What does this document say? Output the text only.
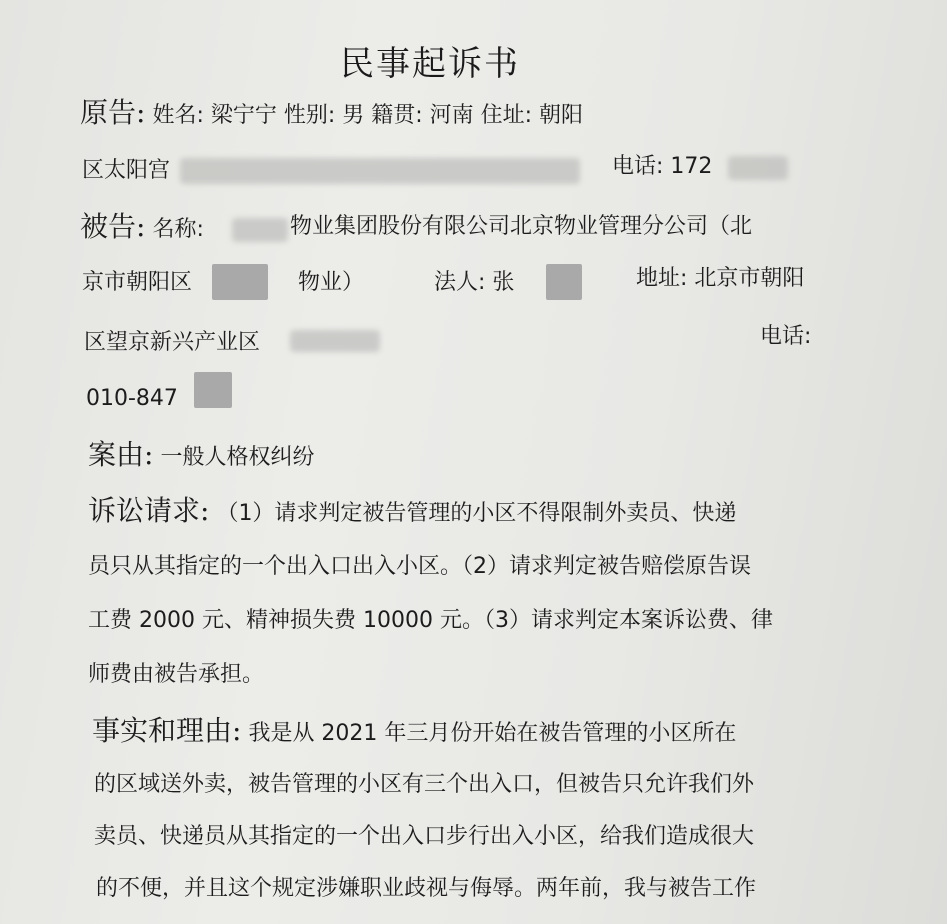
民事起诉书
原告: 姓名: 梁宁宁 性别: 男 籍贯: 河南 住址: 朝阳
区太阳宫	电话: 172
被告: 名称:	物业集团股份有限公司北京物业管理分公司（北
京市朝阳区	物业）	法人: 张	地址: 北京市朝阳
区望京新兴产业区	电话:
010-847
案由: 一般人格权纠纷
诉讼请求: （1）请求判定被告管理的小区不得限制外卖员、快递
员只从其指定的一个出入口出入小区。（2）请求判定被告赔偿原告误
工费 2000 元、精神损失费 10000 元。（3）请求判定本案诉讼费、律
师费由被告承担。
事实和理由: 我是从 2021 年三月份开始在被告管理的小区所在
的区域送外卖，被告管理的小区有三个出入口，但被告只允许我们外
卖员、快递员从其指定的一个出入口步行出入小区，给我们造成很大
的不便，并且这个规定涉嫌职业歧视与侮辱。两年前，我与被告工作
